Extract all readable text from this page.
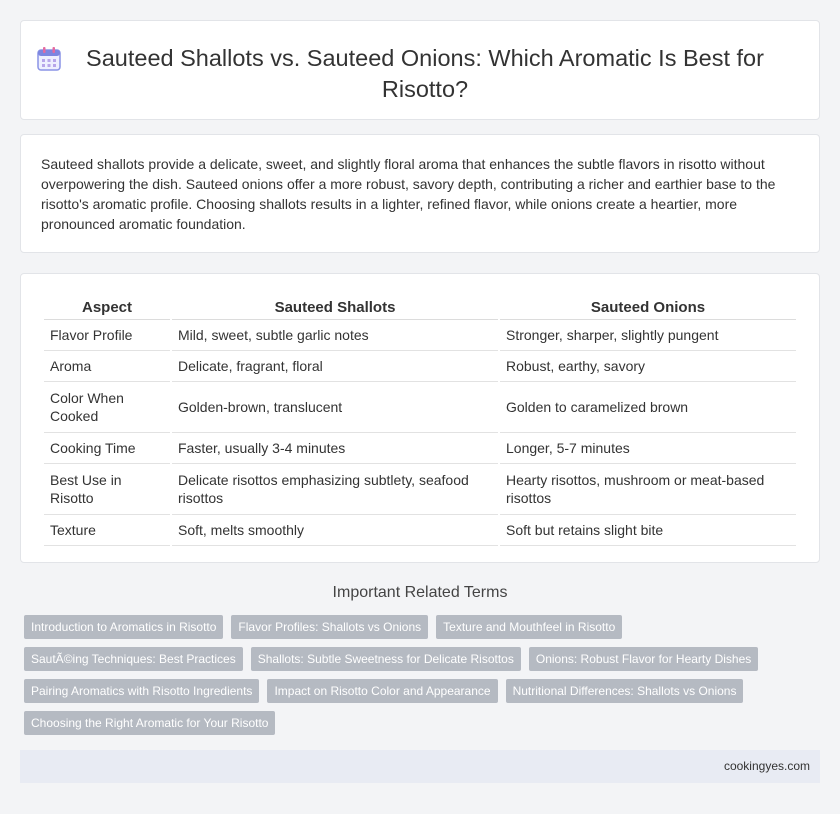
Sauteed Shallots vs. Sauteed Onions: Which Aromatic Is Best for Risotto?

Sauteed shallots provide a delicate, sweet, and slightly floral aroma that enhances the subtle flavors in risotto without overpowering the dish. Sauteed onions offer a more robust, savory depth, contributing a richer and earthier base to the risotto's aromatic profile. Choosing shallots results in a lighter, refined flavor, while onions create a heartier, more pronounced aromatic foundation.

Aspect	Sauteed Shallots	Sauteed Onions
Flavor Profile	Mild, sweet, subtle garlic notes	Stronger, sharper, slightly pungent
Aroma	Delicate, fragrant, floral	Robust, earthy, savory
Color When Cooked	Golden-brown, translucent	Golden to caramelized brown
Cooking Time	Faster, usually 3-4 minutes	Longer, 5-7 minutes
Best Use in Risotto	Delicate risottos emphasizing subtlety, seafood risottos	Hearty risottos, mushroom or meat-based risottos
Texture	Soft, melts smoothly	Soft but retains slight bite
Important Related Terms
Introduction to Aromatics in Risotto	Flavor Profiles: Shallots vs Onions	Texture and Mouthfeel in Risotto
SautÃ©ing Techniques: Best Practices	Shallots: Subtle Sweetness for Delicate Risottos	Onions: Robust Flavor for Hearty Dishes
Pairing Aromatics with Risotto Ingredients	Impact on Risotto Color and Appearance	Nutritional Differences: Shallots vs Onions
Choosing the Right Aromatic for Your Risotto
cookingyes.com
